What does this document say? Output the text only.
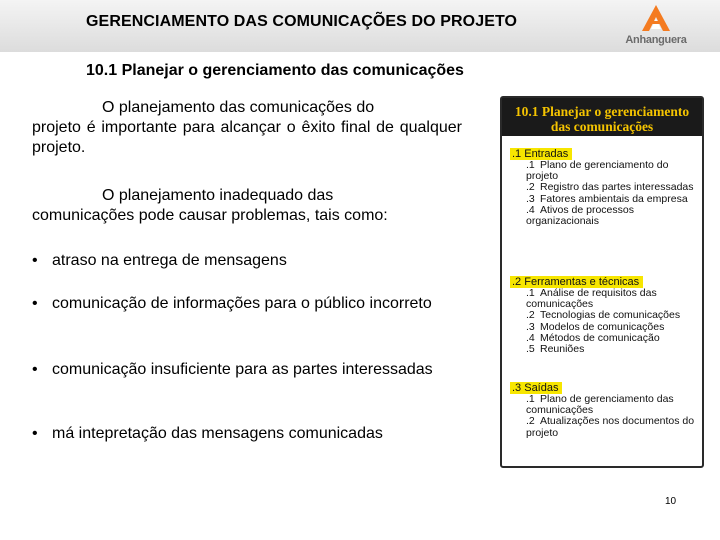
GERENCIAMENTO DAS COMUNICAÇÕES DO PROJETO
Anhanguera
10.1 Planejar o gerenciamento das comunicações
O planejamento das comunicações do
projeto é importante para alcançar o êxito final de qualquer projeto.
O planejamento inadequado das
comunicações pode causar problemas, tais como:
• atraso na entrega de mensagens
• comunicação de informações para o público incorreto
• comunicação insuficiente para as partes interessadas
• má intepretação das mensagens comunicadas
10.1 Planejar o gerenciamento das comunicações
.1 Entradas
.1 Plano de gerenciamento do projeto
.2 Registro das partes interessadas
.3 Fatores ambientais da empresa
.4 Ativos de processos organizacionais
.2 Ferramentas e técnicas
.1 Análise de requisitos das comunicações
.2 Tecnologias de comunicações
.3 Modelos de comunicações
.4 Métodos de comunicação
.5 Reuniões
.3 Saídas
.1 Plano de gerenciamento das comunicações
.2 Atualizações nos documentos do projeto
10
